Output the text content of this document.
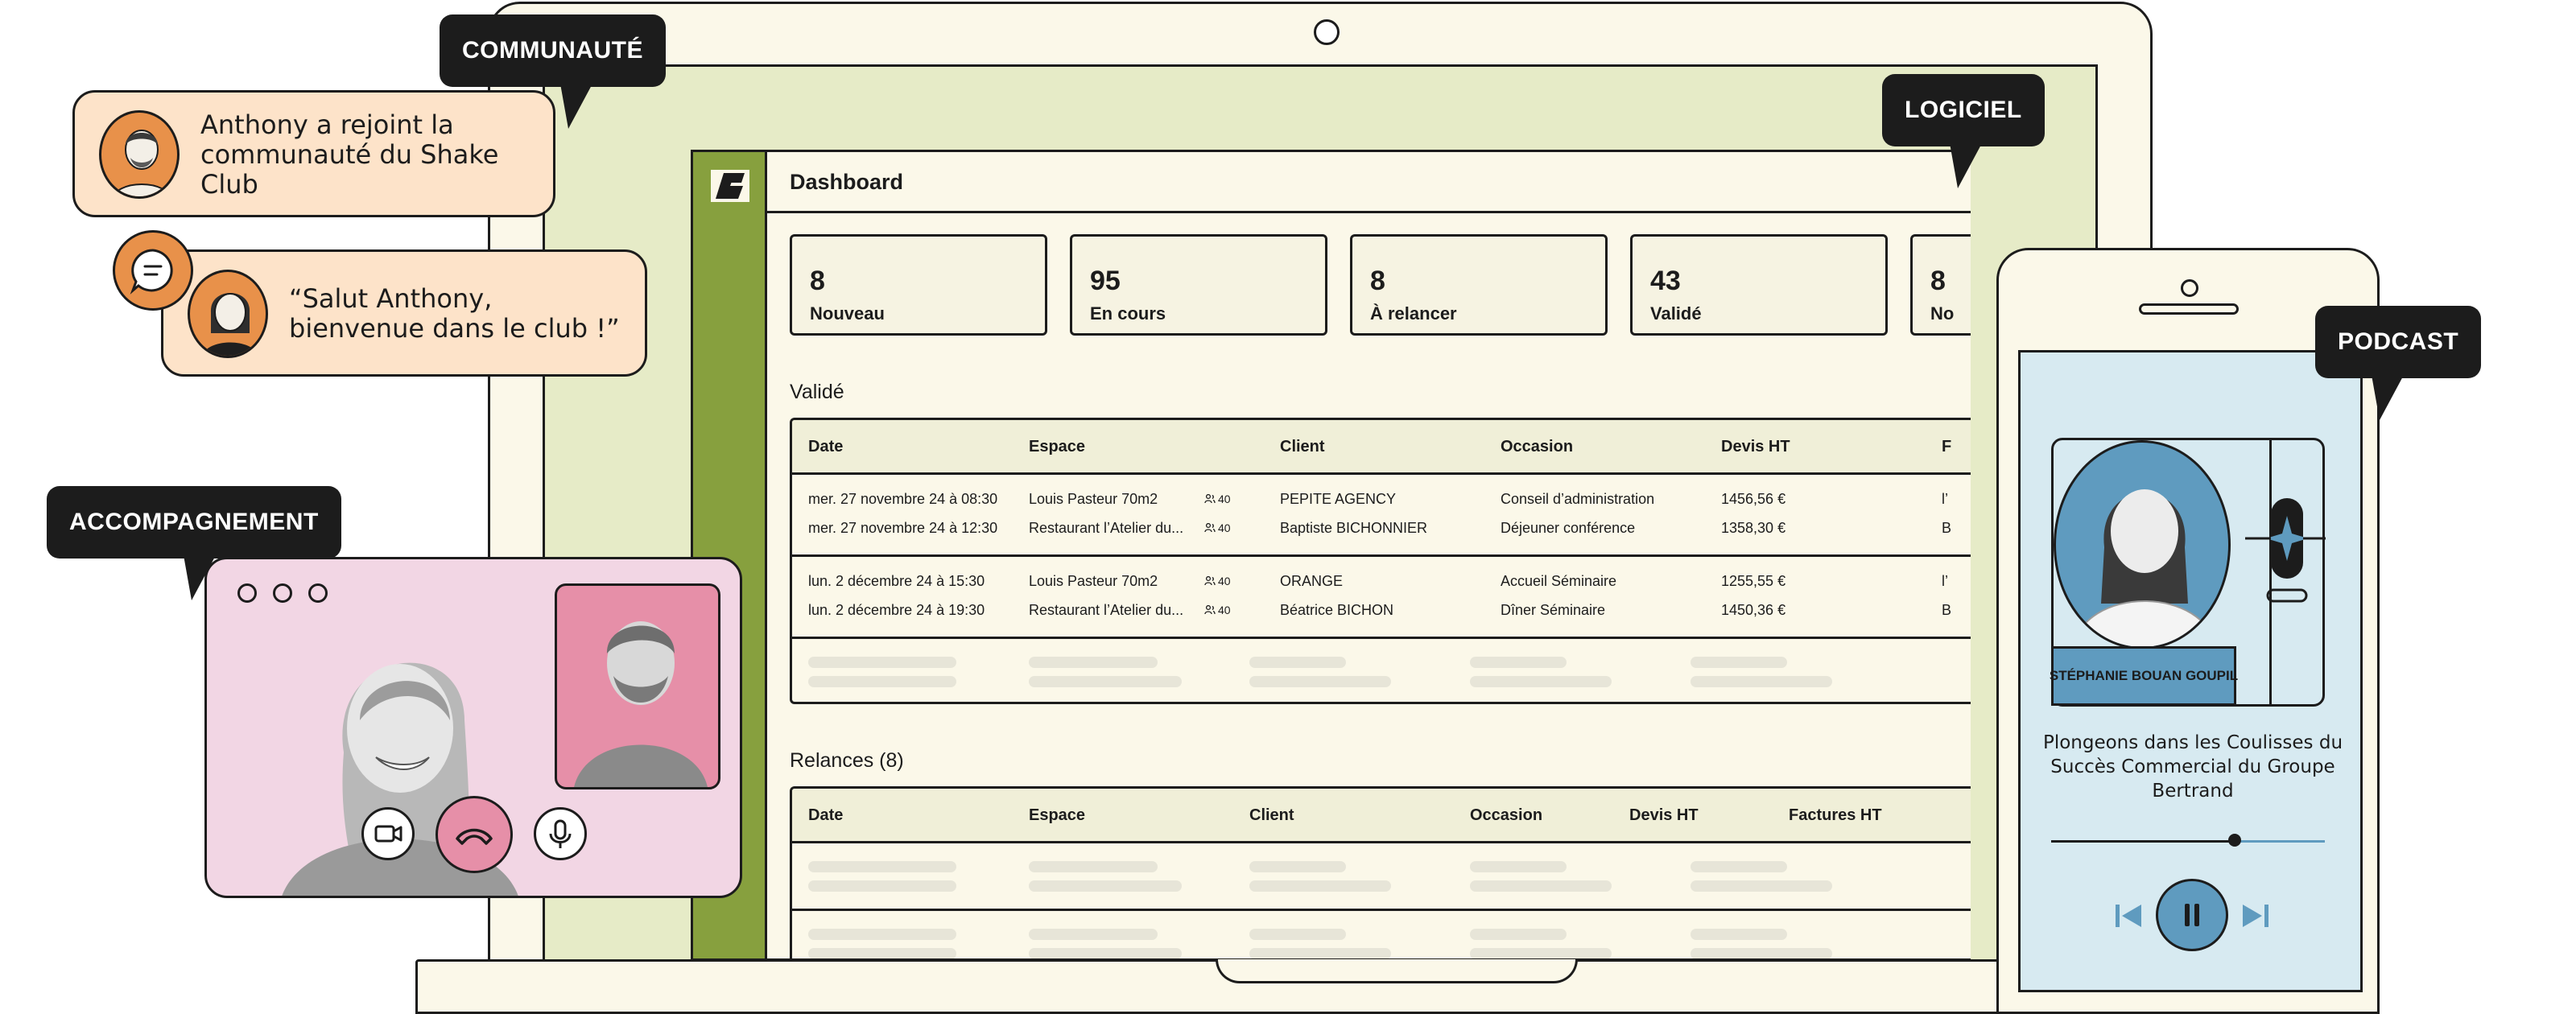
Dashboard
8
Nouveau
95
En cours
8
À relancer
43
Validé
8
No
Validé
Date	Espace	Client	Occasion	Devis HT	F
mer. 27 novembre 24 à 08:30 Louis Pasteur 70m2	40	PEPITE AGENCY	Conseil d’administration	1456,56 €	l’
mer. 27 novembre 24 à 12:30 Restaurant l’Atelier du...	40	Baptiste BICHONNIER	Déjeuner conférence	1358,30 €	B
lun. 2 décembre 24 à 15:30	Louis Pasteur 70m2	40	ORANGE	Accueil Séminaire	1255,55 €	l’
lun. 2 décembre 24 à 19:30	Restaurant l’Atelier du...	40	Béatrice BICHON	Dîner Séminaire	1450,36 €	B
Relances (8)
Date	Espace	Client	Occasion	Devis HT	Factures HT
Anthony a rejoint la communauté du Shake Club
“Salut Anthony, bienvenue dans le club !”
STÉPHANIE BOUAN GOUPIL
Plongeons dans les Coulisses du Succès Commercial du Groupe Bertrand
COMMUNAUTÉ
LOGICIEL
ACCOMPAGNEMENT
PODCAST
